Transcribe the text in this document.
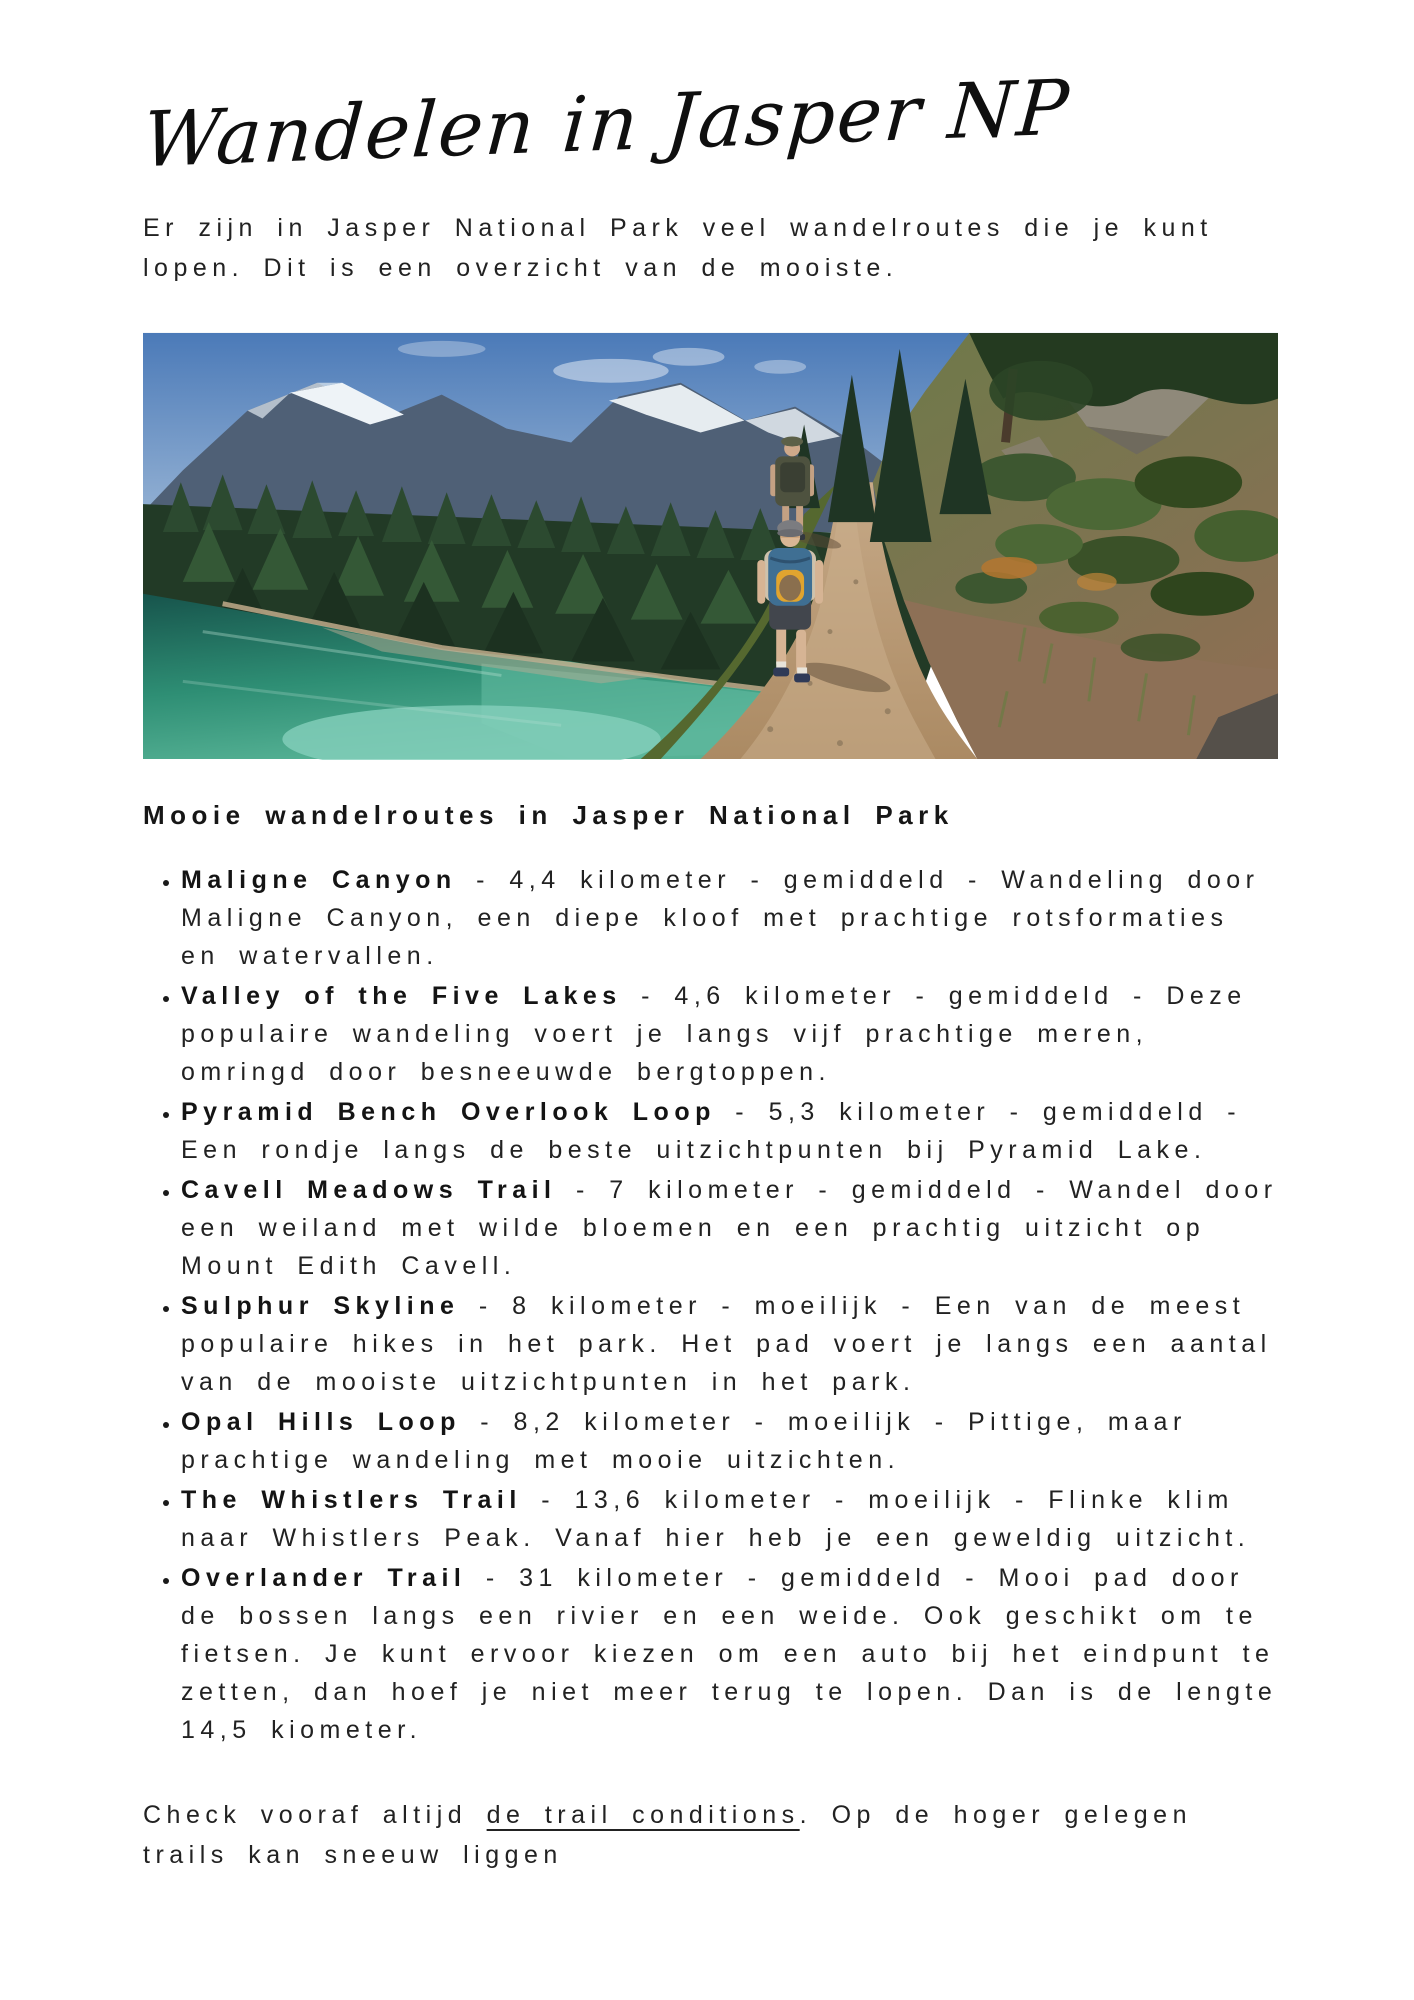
Wandelen in Jasper NP

Er zijn in Jasper National Park veel wandelroutes die je kunt lopen. Dit is een overzicht van de mooiste.

Mooie wandelroutes in Jasper National Park
• Maligne Canyon - 4,4 kilometer - gemiddeld - Wandeling door Maligne Canyon, een diepe kloof met prachtige rotsformaties en watervallen.
• Valley of the Five Lakes - 4,6 kilometer - gemiddeld - Deze populaire wandeling voert je langs vijf prachtige meren, omringd door besneeuwde bergtoppen.
• Pyramid Bench Overlook Loop - 5,3 kilometer - gemiddeld - Een rondje langs de beste uitzichtpunten bij Pyramid Lake.
• Cavell Meadows Trail - 7 kilometer - gemiddeld - Wandel door een weiland met wilde bloemen en een prachtig uitzicht op Mount Edith Cavell.
• Sulphur Skyline - 8 kilometer - moeilijk - Een van de meest populaire hikes in het park. Het pad voert je langs een aantal van de mooiste uitzichtpunten in het park.
• Opal Hills Loop - 8,2 kilometer - moeilijk - Pittige, maar prachtige wandeling met mooie uitzichten.
• The Whistlers Trail - 13,6 kilometer - moeilijk - Flinke klim naar Whistlers Peak. Vanaf hier heb je een geweldig uitzicht.
• Overlander Trail - 31 kilometer - gemiddeld - Mooi pad door de bossen langs een rivier en een weide. Ook geschikt om te fietsen. Je kunt ervoor kiezen om een auto bij het eindpunt te zetten, dan hoef je niet meer terug te lopen. Dan is de lengte 14,5 kiometer.

Check vooraf altijd de trail conditions. Op de hoger gelegen trails kan sneeuw liggen
